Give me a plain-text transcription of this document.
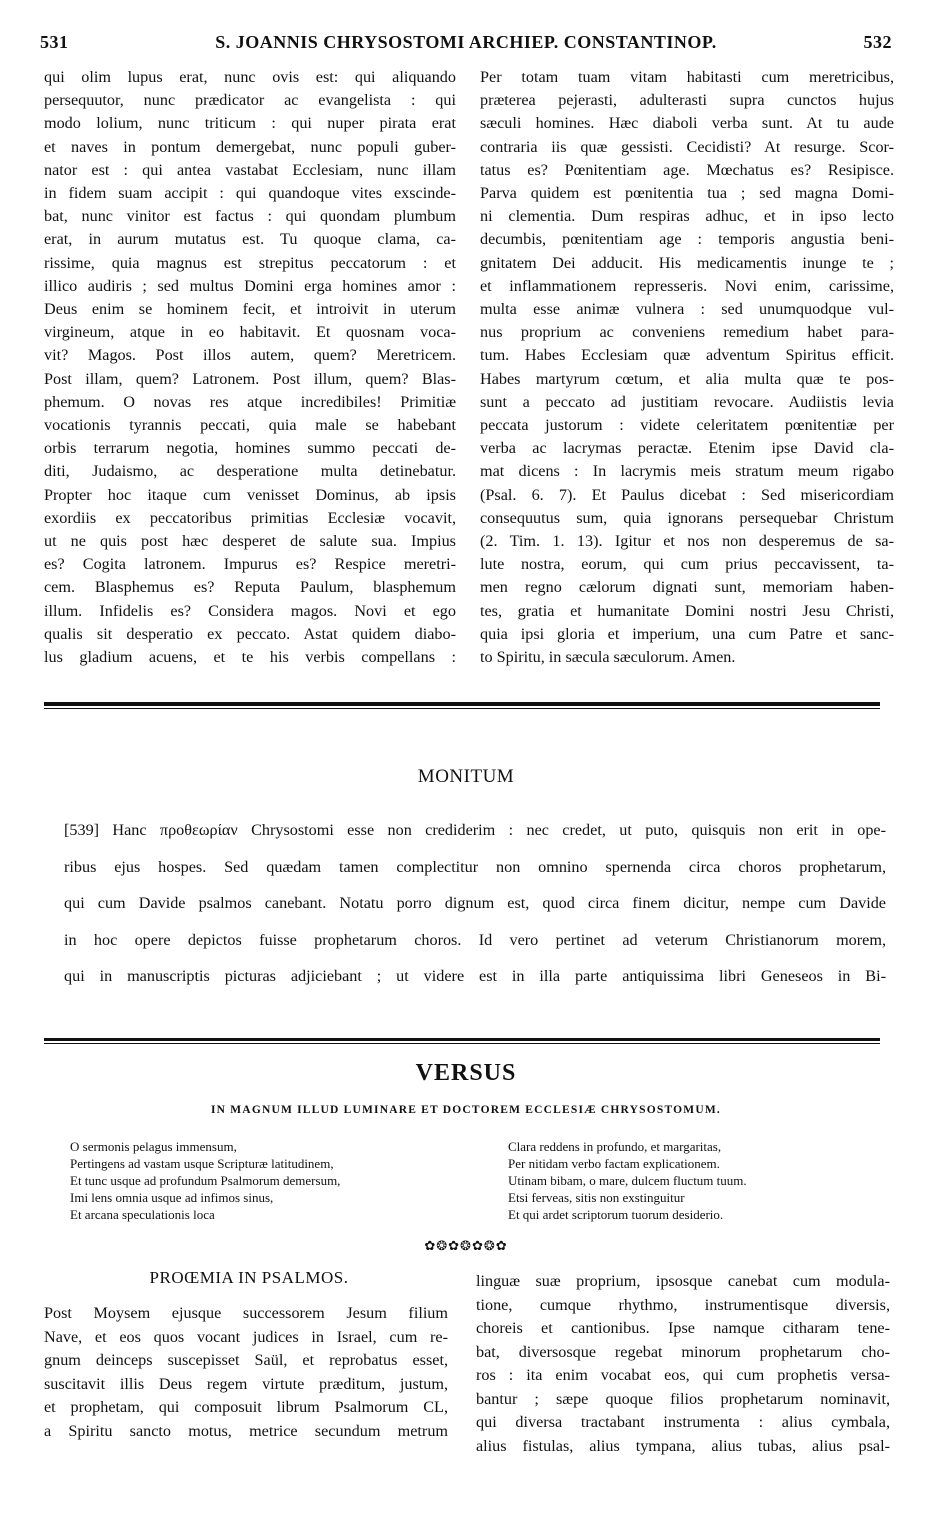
531	S. JOANNIS CHRYSOSTOMI ARCHIEP. CONSTANTINOP.	532
qui olim lupus erat, nunc ovis est: qui aliquando
persequutor, nunc prædicator ac evangelista : qui
modo lolium, nunc triticum : qui nuper pirata erat
et naves in pontum demergebat, nunc populi guber-
nator est : qui antea vastabat Ecclesiam, nunc illam
in fidem suam accipit : qui quandoque vites exscinde-
bat, nunc vinitor est factus : qui quondam plumbum
erat, in aurum mutatus est. Tu quoque clama, ca-
rissime, quia magnus est strepitus peccatorum : et
illico audiris ; sed multus Domini erga homines amor :
Deus enim se hominem fecit, et introivit in uterum
virgineum, atque in eo habitavit. Et quosnam voca-
vit? Magos. Post illos autem, quem? Meretricem.
Post illam, quem? Latronem. Post illum, quem? Blas-
phemum. O novas res atque incredibiles! Primitiæ
vocationis tyrannis peccati, quia male se habebant
orbis terrarum negotia, homines summo peccati de-
diti, Judaismo, ac desperatione multa detinebatur.
Propter hoc itaque cum venisset Dominus, ab ipsis
exordiis ex peccatoribus primitias Ecclesiæ vocavit,
ut ne quis post hæc desperet de salute sua. Impius
es? Cogita latronem. Impurus es? Respice meretri-
cem. Blasphemus es? Reputa Paulum, blasphemum
illum. Infidelis es? Considera magos. Novi et ego
qualis sit desperatio ex peccato. Astat quidem diabo-
lus gladium acuens, et te his verbis compellans :
Per totam tuam vitam habitasti cum meretricibus,
præterea pejerasti, adulterasti supra cunctos hujus
sæculi homines. Hæc diaboli verba sunt. At tu aude
contraria iis quæ gessisti. Cecidisti? At resurge. Scor-
tatus es? Pœnitentiam age. Mœchatus es? Resipisce.
Parva quidem est pœnitentia tua ; sed magna Domi-
ni clementia. Dum respiras adhuc, et in ipso lecto
decumbis, pœnitentiam age : temporis angustia beni-
gnitatem Dei adducit. His medicamentis inunge te ;
et inflammationem represseris. Novi enim, carissime,
multa esse animæ vulnera : sed unumquodque vul-
nus proprium ac conveniens remedium habet para-
tum. Habes Ecclesiam quæ adventum Spiritus efficit.
Habes martyrum cœtum, et alia multa quæ te pos-
sunt a peccato ad justitiam revocare. Audiistis levia
peccata justorum : videte celeritatem pœnitentiæ per
verba ac lacrymas peractæ. Etenim ipse David cla-
mat dicens : In lacrymis meis stratum meum rigabo
(Psal. 6. 7). Et Paulus dicebat : Sed misericordiam
consequutus sum, quia ignorans persequebar Christum
(2. Tim. 1. 13). Igitur et nos non desperemus de sa-
lute nostra, eorum, qui cum prius peccavissent, ta-
men regno cælorum dignati sunt, memoriam haben-
tes, gratia et humanitate Domini nostri Jesu Christi,
quia ipsi gloria et imperium, una cum Patre et sanc-
to Spiritu, in sæcula sæculorum. Amen.
MONITUM
[539] Hanc προθεωρίαν Chrysostomi esse non crediderim : nec credet, ut puto, quisquis non erit in ope-
ribus ejus hospes. Sed quædam tamen complectitur non omnino spernenda circa choros prophetarum,
qui cum Davide psalmos canebant. Notatu porro dignum est, quod circa finem dicitur, nempe cum Davide
in hoc opere depictos fuisse prophetarum choros. Id vero pertinet ad veterum Christianorum morem,
qui in manuscriptis picturas adjiciebant ; ut videre est in illa parte antiquissima libri Geneseos in Bi-
VERSUS
IN MAGNUM ILLUD LUMINARE ET DOCTOREM ECCLESIÆ CHRYSOSTOMUM.
O sermonis pelagus immensum,
Pertingens ad vastam usque Scripturæ latitudinem,
Et tunc usque ad profundum Psalmorum demersum,
Imi lens omnia usque ad infimos sinus,
Et arcana speculationis loca
Clara reddens in profundo, et margaritas,
Per nitidam verbo factam explicationem.
Utinam bibam, o mare, dulcem fluctum tuum.
Etsi ferveas, sitis non exstinguitur
Et qui ardet scriptorum tuorum desiderio.
✿❂✿❂✿❂✿
PROŒMIA IN PSALMOS.
Post Moysem ejusque successorem Jesum filium
Nave, et eos quos vocant judices in Israel, cum re-
gnum deinceps suscepisset Saül, et reprobatus esset,
suscitavit illis Deus regem virtute præditum, justum,
et prophetam, qui composuit librum Psalmorum CL,
a Spiritu sancto motus, metrice secundum metrum
linguæ suæ proprium, ipsosque canebat cum modula-
tione, cumque rhythmo, instrumentisque diversis,
choreis et cantionibus. Ipse namque citharam tene-
bat, diversosque regebat minorum prophetarum cho-
ros : ita enim vocabat eos, qui cum prophetis versa-
bantur ; sæpe quoque filios prophetarum nominavit,
qui diversa tractabant instrumenta : alius cymbala,
alius fistulas, alius tympana, alius tubas, alius psal-
